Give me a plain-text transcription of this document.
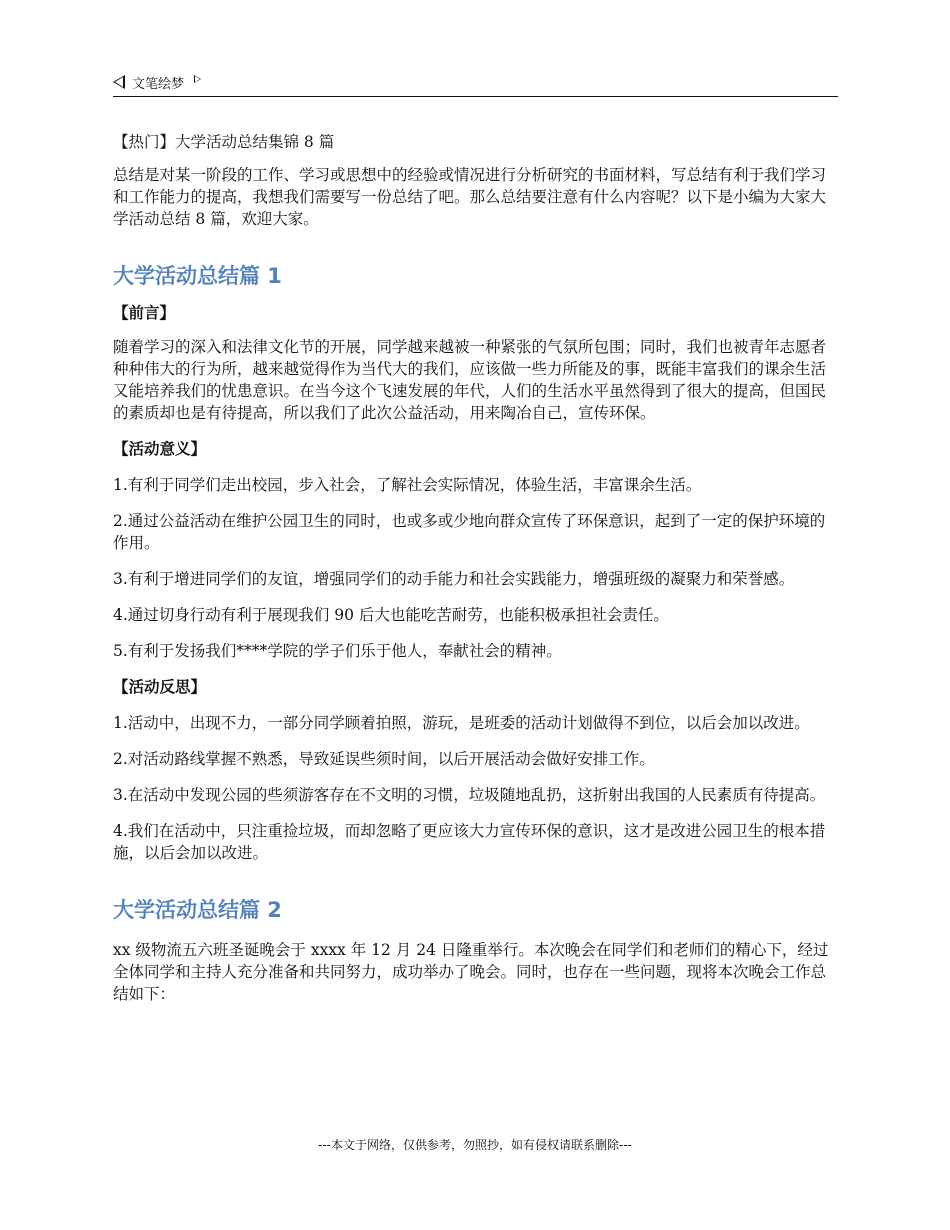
文笔绘梦

【热门】大学活动总结集锦 8 篇

总结是对某一阶段的工作、学习或思想中的经验或情况进行分析研究的书面材料，写总结有利于我们学习和工作能力的提高，我想我们需要写一份总结了吧。那么总结要注意有什么内容呢？以下是小编为大家大学活动总结 8 篇，欢迎大家。

大学活动总结篇 1

【前言】

随着学习的深入和法律文化节的开展，同学越来越被一种紧张的气氛所包围；同时，我们也被青年志愿者种种伟大的行为所，越来越觉得作为当代大的我们，应该做一些力所能及的事，既能丰富我们的课余生活又能培养我们的忧患意识。在当今这个飞速发展的年代，人们的生活水平虽然得到了很大的提高，但国民的素质却也是有待提高，所以我们了此次公益活动，用来陶冶自己，宣传环保。

【活动意义】

1.有利于同学们走出校园，步入社会，了解社会实际情况，体验生活，丰富课余生活。

2.通过公益活动在维护公园卫生的同时，也或多或少地向群众宣传了环保意识，起到了一定的保护环境的作用。

3.有利于增进同学们的友谊，增强同学们的动手能力和社会实践能力，增强班级的凝聚力和荣誉感。

4.通过切身行动有利于展现我们 90 后大也能吃苦耐劳，也能积极承担社会责任。

5.有利于发扬我们****学院的学子们乐于他人，奉献社会的精神。

【活动反思】

1.活动中，出现不力，一部分同学顾着拍照，游玩，是班委的活动计划做得不到位，以后会加以改进。

2.对活动路线掌握不熟悉，导致延误些须时间，以后开展活动会做好安排工作。

3.在活动中发现公园的些须游客存在不文明的习惯，垃圾随地乱扔，这折射出我国的人民素质有待提高。

4.我们在活动中，只注重捡垃圾，而却忽略了更应该大力宣传环保的意识，这才是改进公园卫生的根本措施，以后会加以改进。

大学活动总结篇 2

xx 级物流五六班圣诞晚会于 xxxx 年 12 月 24 日隆重举行。本次晚会在同学们和老师们的精心下，经过全体同学和主持人充分准备和共同努力，成功举办了晚会。同时，也存在一些问题，现将本次晚会工作总结如下：

---本文于网络，仅供参考，勿照抄，如有侵权请联系删除---
